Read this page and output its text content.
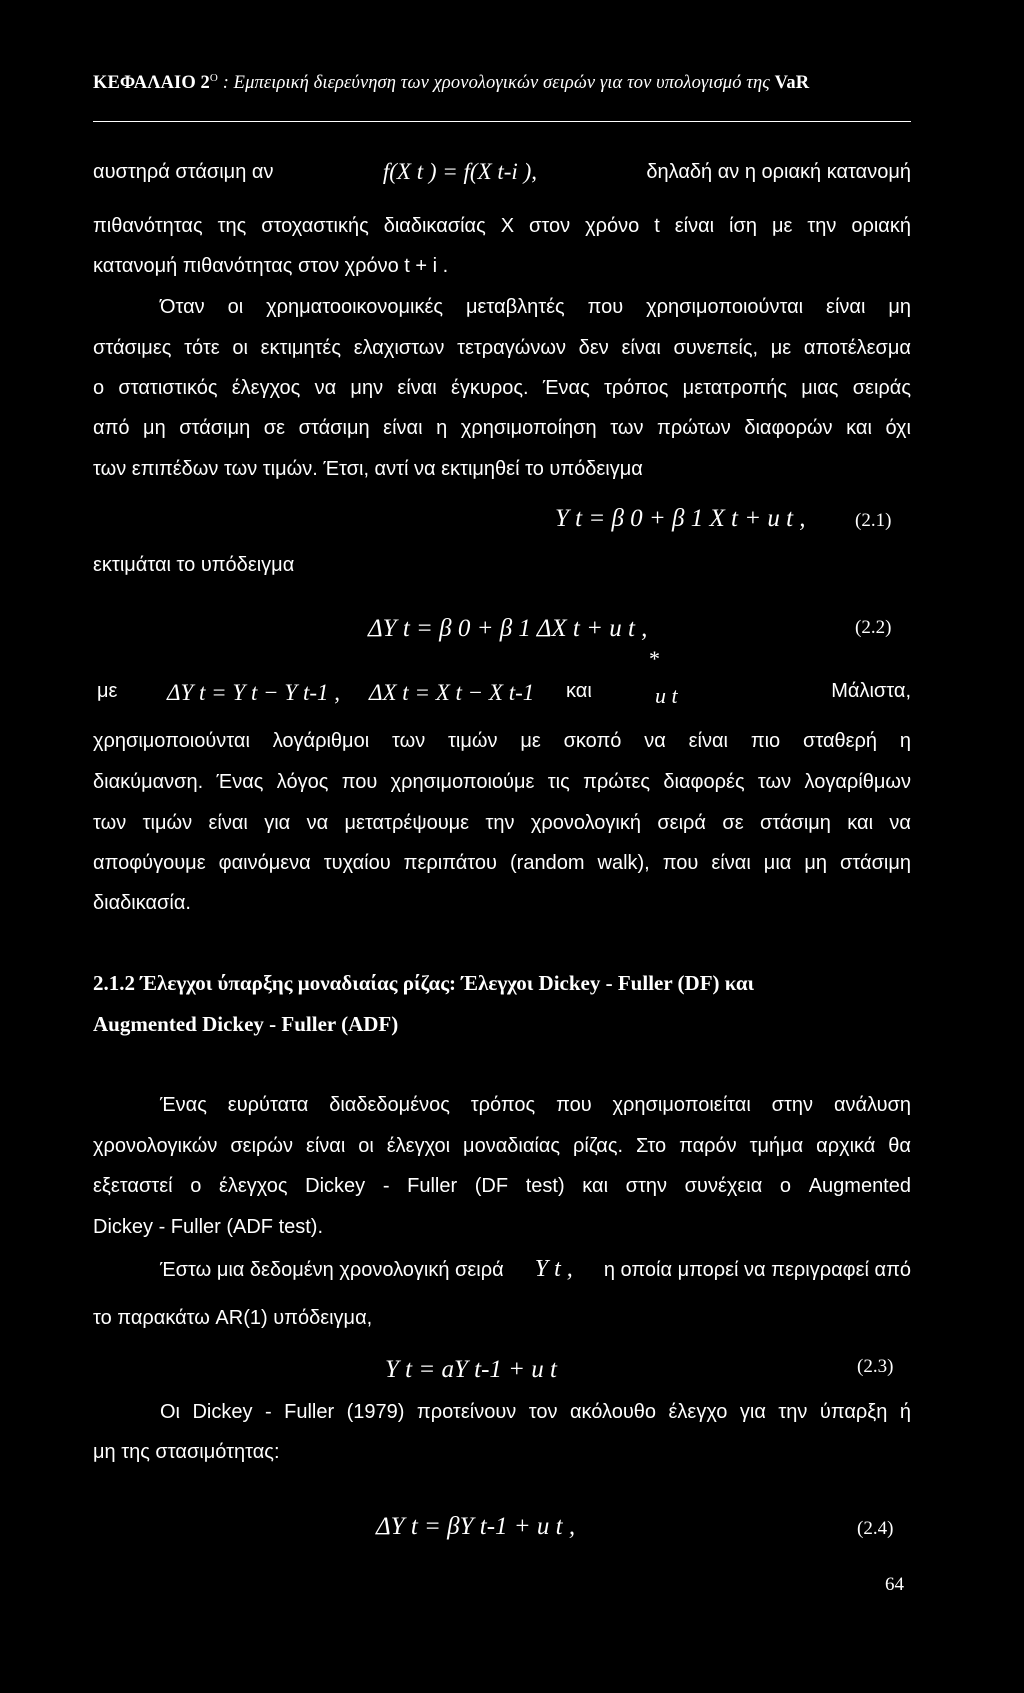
ΚΕΦΑΛΑΙΟ $2^O$ : Εμπειρική διερεύνηση των χρονολογικών σειρών για τον υπολογισμό της VaR
αυστηρά στάσιμη αν	f(X t ) = f(X t-i ),	δηλαδή αν η οριακή κατανομή
πιθανότητας της στοχαστικής διαδικασίας X στον χρόνο t είναι ίση με την οριακή
κατανομή πιθανότητας στον χρόνο t + i .
Όταν οι χρηματοοικονομικές μεταβλητές που χρησιμοποιούνται είναι μη
στάσιμες τότε οι εκτιμητές ελαχιστων τετραγώνων δεν είναι συνεπείς, με αποτέλεσμα
ο στατιστικός έλεγχος να μην είναι έγκυρος. Ένας τρόπος μετατροπής μιας σειράς
από μη στάσιμη σε στάσιμη είναι η χρησιμοποίηση των πρώτων διαφορών και όχι
των επιπέδων των τιμών. Έτσι, αντί να εκτιμηθεί το υπόδειγμα
Y t = β 0 + β 1 X t + u t ,	(2.1)
εκτιμάται το υπόδειγμα
ΔY t = β 0 + β 1 ΔX t + u t ,	(2.2)
με ΔY t = Y t − Y t-1 , ΔX t = X t − X t-1 και
*
u t	Μάλιστα,
χρησιμοποιούνται λογάριθμοι των τιμών με σκοπό να είναι πιο σταθερή η
διακύμανση. Ένας λόγος που χρησιμοποιούμε τις πρώτες διαφορές των λογαρίθμων
των τιμών είναι για να μετατρέψουμε την χρονολογική σειρά σε στάσιμη και να
αποφύγουμε φαινόμενα τυχαίου περιπάτου (random walk), που είναι μια μη στάσιμη
διαδικασία.
2.1.2 Έλεγχοι ύπαρξης μοναδιαίας ρίζας: Έλεγχοι Dickey - Fuller (DF) και
Augmented Dickey - Fuller (ADF)
Ένας ευρύτατα διαδεδομένος τρόπος που χρησιμοποιείται στην ανάλυση
χρονολογικών σειρών είναι οι έλεγχοι μοναδιαίας ρίζας. Στο παρόν τμήμα αρχικά θα
εξεταστεί ο έλεγχος Dickey - Fuller (DF test) και στην συνέχεια ο Augmented
Dickey - Fuller (ADF test).
Έστω μια δεδομένη χρονολογική σειρά Y t , η οποία μπορεί να περιγραφεί από
το παρακάτω AR(1) υπόδειγμα,
Y t = aY t-1 + u t	(2.3)
Οι Dickey - Fuller (1979) προτείνουν τον ακόλουθο έλεγχο για την ύπαρξη ή
μη της στασιμότητας:
ΔY t = βY t-1 + u t ,	(2.4)
64
